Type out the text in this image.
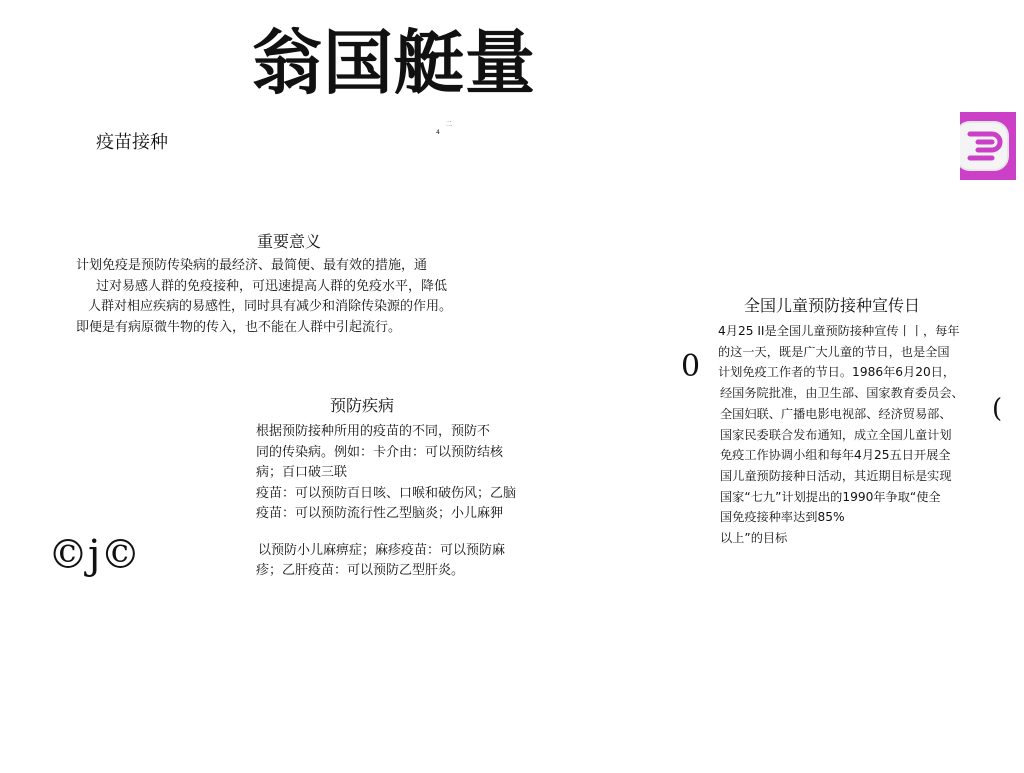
翁国艇量
疫苗接种
二
4
重要意义
计划免疫是预防传染病的最经济、最简便、最有效的措施，通
过对易感人群的免疫接种，可迅速提高人群的免疫水平，降低
人群对相应疾病的易感性，同时具有减少和消除传染源的作用。
即便是有病原微牛物的传入，也不能在人群中引起流行。
预防疾病
根据预防接种所用的疫苗的不同，预防不
同的传染病。例如：卡介由：可以预防结核
病；百口破三联
疫苗：可以预防百日咳、口喉和破伤风；乙脑
疫苗：可以预防流行性乙型脑炎；小儿麻狎
以预防小儿麻痹症；麻疹疫苗：可以预防麻
疹；乙肝疫苗：可以预防乙型肝炎。
全国儿童预防接种宣传日
4月25 II是全国儿童预防接种宣传丨丨，每年
的这一天，既是广大儿童的节日，也是全国
计划免疫工作者的节日。1986年6月20日，
经国务院批准，由卫生部、国家教育委员会、
全国妇联、广播电影电视部、经济贸易部、
国家民委联合发布通知，成立全国儿童计划
免疫工作协调小组和每年4月25五日开展全
国儿童预防接种日活动，其近期目标是实现
国家“七九”计划提出的1990年争取“使全
国免疫接种率达到85%
以上”的目标
0
(
©j©
